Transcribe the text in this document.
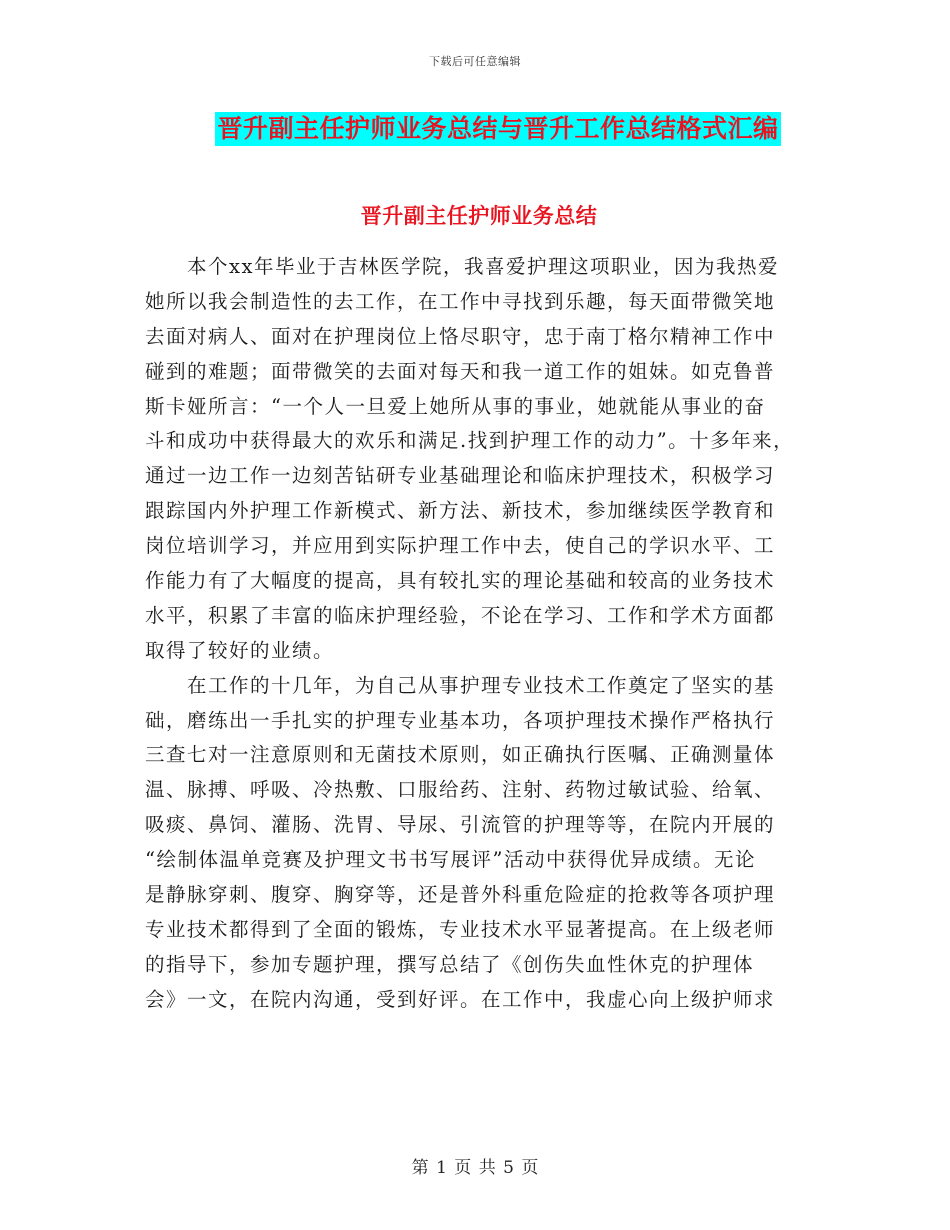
下载后可任意编辑
晋升副主任护师业务总结与晋升工作总结格式汇编
晋升副主任护师业务总结
本个xx年毕业于吉林医学院，我喜爱护理这项职业，因为我热爱
她所以我会制造性的去工作，在工作中寻找到乐趣，每天面带微笑地
去面对病人、面对在护理岗位上恪尽职守，忠于南丁格尔精神工作中
碰到的难题；面带微笑的去面对每天和我一道工作的姐妹。如克鲁普
斯卡娅所言：“一个人一旦爱上她所从事的事业，她就能从事业的奋
斗和成功中获得最大的欢乐和满足.找到护理工作的动力”。十多年来，
通过一边工作一边刻苦钻研专业基础理论和临床护理技术，积极学习
跟踪国内外护理工作新模式、新方法、新技术，参加继续医学教育和
岗位培训学习，并应用到实际护理工作中去，使自己的学识水平、工
作能力有了大幅度的提高，具有较扎实的理论基础和较高的业务技术
水平，积累了丰富的临床护理经验，不论在学习、工作和学术方面都
取得了较好的业绩。
在工作的十几年，为自己从事护理专业技术工作奠定了坚实的基
础，磨练出一手扎实的护理专业基本功，各项护理技术操作严格执行
三查七对一注意原则和无菌技术原则，如正确执行医嘱、正确测量体
温、脉搏、呼吸、冷热敷、口服给药、注射、药物过敏试验、给氧、
吸痰、鼻饲、灌肠、洗胃、导尿、引流管的护理等等，在院内开展的
“绘制体温单竞赛及护理文书书写展评”活动中获得优异成绩。无论
是静脉穿刺、腹穿、胸穿等，还是普外科重危险症的抢救等各项护理
专业技术都得到了全面的锻炼，专业技术水平显著提高。在上级老师
的指导下，参加专题护理，撰写总结了《创伤失血性休克的护理体
会》一文，在院内沟通，受到好评。在工作中，我虚心向上级护师求
第 1 页 共 5 页
